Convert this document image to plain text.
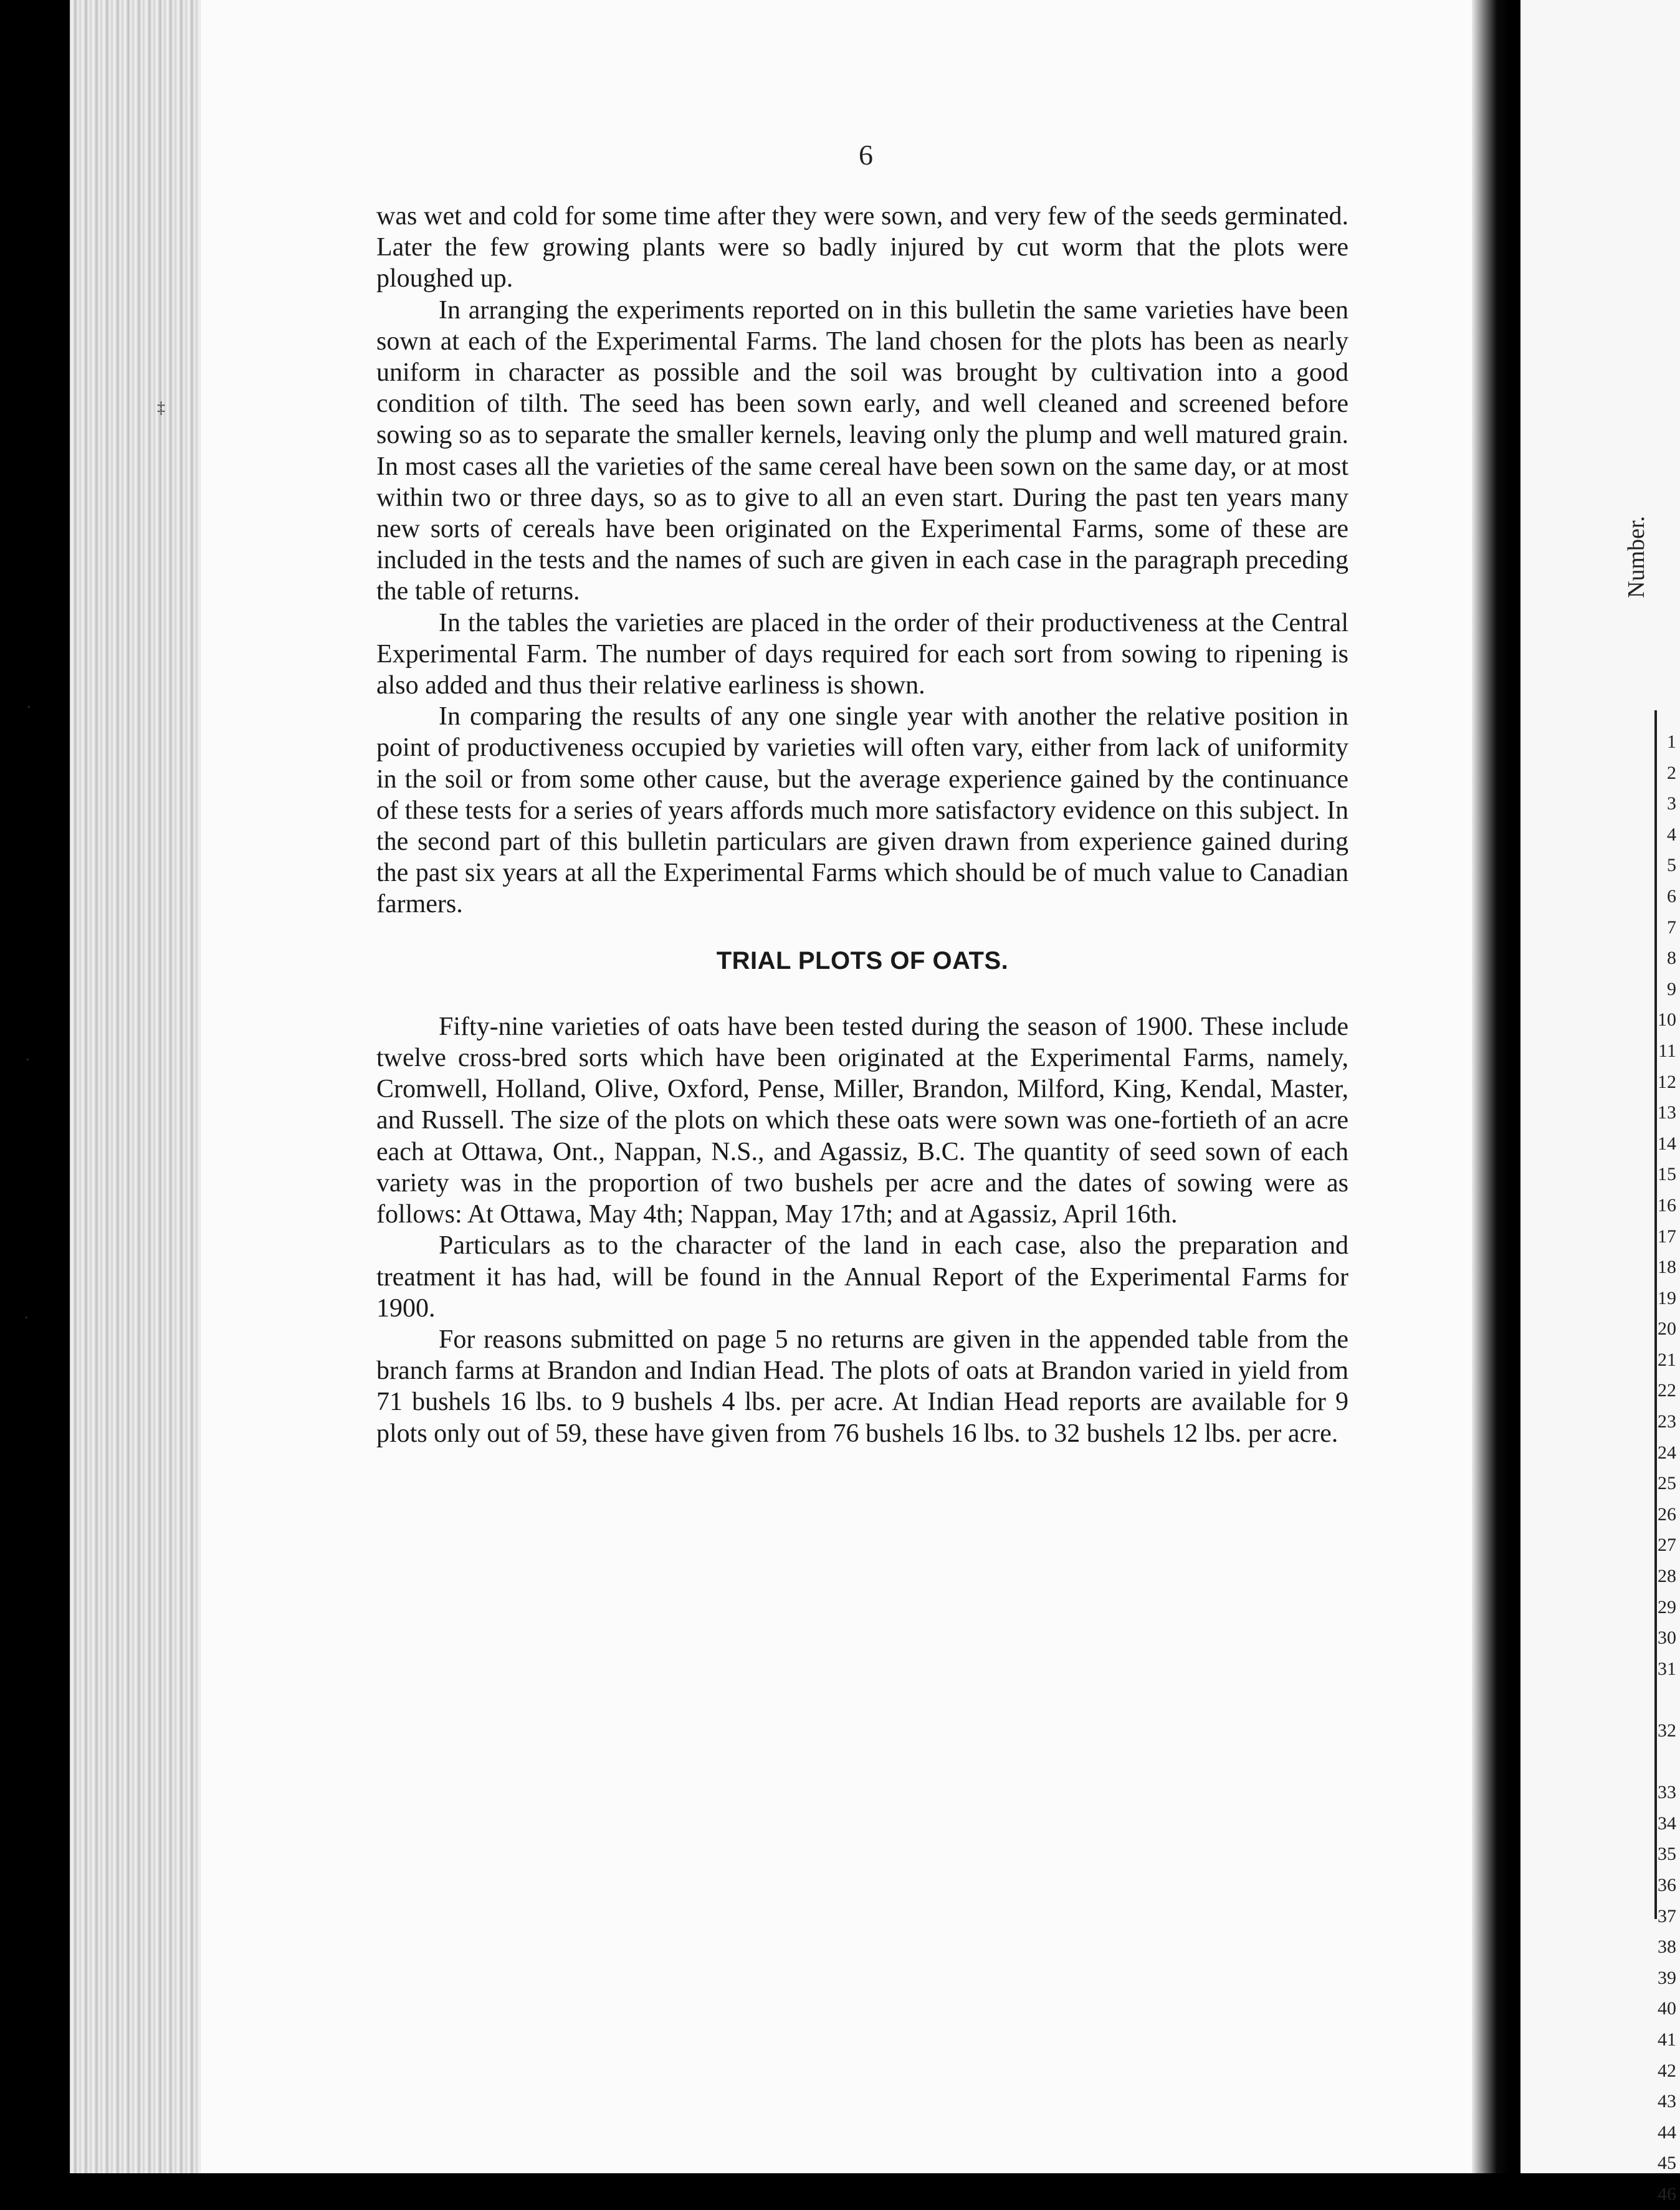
Number.
1
2
3
4
5
6
7
8
9
10
11
12
13
14
15
16
17
18
19
20
21
22
23
24
25
26
27
28
29
30
31
32
33
34
35
36
37
38
39
40
41
42
43
44
45
46
‡
·
·
·
6

was wet and cold for some time after they were sown, and very few of the seeds germinated. Later the few growing plants were so badly injured by cut worm that the plots were ploughed up.

In arranging the experiments reported on in this bulletin the same varieties have been sown at each of the Experimental Farms. The land chosen for the plots has been as nearly uniform in character as possible and the soil was brought by cultivation into a good condition of tilth. The seed has been sown early, and well cleaned and screened before sowing so as to separate the smaller kernels, leaving only the plump and well matured grain. In most cases all the varieties of the same cereal have been sown on the same day, or at most within two or three days, so as to give to all an even start. During the past ten years many new sorts of cereals have been originated on the Experimental Farms, some of these are included in the tests and the names of such are given in each case in the paragraph preceding the table of returns.

In the tables the varieties are placed in the order of their productiveness at the Central Experimental Farm. The number of days required for each sort from sowing to ripening is also added and thus their relative earliness is shown.

In comparing the results of any one single year with another the relative position in point of productiveness occupied by varieties will often vary, either from lack of uniformity in the soil or from some other cause, but the average experience gained by the continuance of these tests for a series of years affords much more satisfactory evidence on this subject. In the second part of this bulletin particulars are given drawn from experience gained during the past six years at all the Experimental Farms which should be of much value to Canadian farmers.

TRIAL PLOTS OF OATS.

Fifty-nine varieties of oats have been tested during the season of 1900. These include twelve cross-bred sorts which have been originated at the Experimental Farms, namely, Cromwell, Holland, Olive, Oxford, Pense, Miller, Brandon, Milford, King, Kendal, Master, and Russell. The size of the plots on which these oats were sown was one-fortieth of an acre each at Ottawa, Ont., Nappan, N.S., and Agassiz, B.C. The quantity of seed sown of each variety was in the proportion of two bushels per acre and the dates of sowing were as follows: At Ottawa, May 4th; Nappan, May 17th; and at Agassiz, April 16th.

Particulars as to the character of the land in each case, also the preparation and treatment it has had, will be found in the Annual Report of the Experimental Farms for 1900.

For reasons submitted on page 5 no returns are given in the appended table from the branch farms at Brandon and Indian Head. The plots of oats at Brandon varied in yield from 71 bushels 16 lbs. to 9 bushels 4 lbs. per acre. At Indian Head reports are available for 9 plots only out of 59, these have given from 76 bushels 16 lbs. to 32 bushels 12 lbs. per acre.
